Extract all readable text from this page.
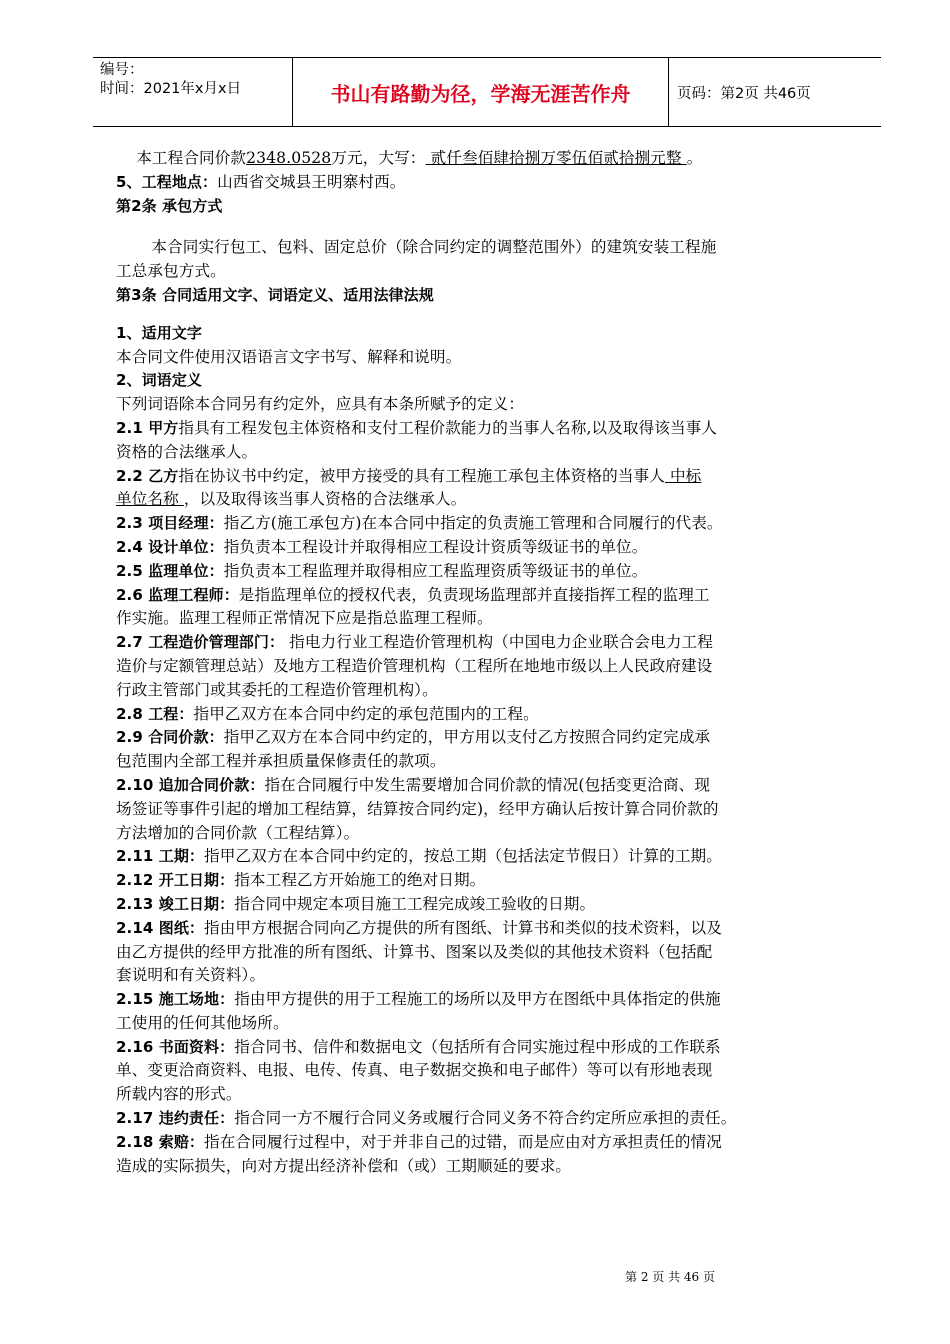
编号：
时间：2021年x月x日	书山有路勤为径，学海无涯苦作舟	页码：第2页 共46页

本工程合同价款2348.0528万元，大写： 贰仟叁佰肆拾捌万零伍佰贰拾捌元整 。

5、工程地点：山西省交城县王明寨村西。

第2条 承包方式

本合同实行包工、包料、固定总价（除合同约定的调整范围外）的建筑安装工程施

工总承包方式。

第3条 合同适用文字、词语定义、适用法律法规

1、适用文字

本合同文件使用汉语语言文字书写、解释和说明。

2、词语定义

下列词语除本合同另有约定外，应具有本条所赋予的定义：

2.1 甲方指具有工程发包主体资格和支付工程价款能力的当事人名称,以及取得该当事人

资格的合法继承人。

2.2 乙方指在协议书中约定，被甲方接受的具有工程施工承包主体资格的当事人 中标

单位名称 ，以及取得该当事人资格的合法继承人。

2.3 项目经理：指乙方(施工承包方)在本合同中指定的负责施工管理和合同履行的代表。

2.4 设计单位：指负责本工程设计并取得相应工程设计资质等级证书的单位。

2.5 监理单位：指负责本工程监理并取得相应工程监理资质等级证书的单位。

2.6 监理工程师：是指监理单位的授权代表，负责现场监理部并直接指挥工程的监理工

作实施。监理工程师正常情况下应是指总监理工程师。

2.7 工程造价管理部门： 指电力行业工程造价管理机构（中国电力企业联合会电力工程

造价与定额管理总站）及地方工程造价管理机构（工程所在地地市级以上人民政府建设

行政主管部门或其委托的工程造价管理机构）。

2.8 工程：指甲乙双方在本合同中约定的承包范围内的工程。

2.9 合同价款：指甲乙双方在本合同中约定的，甲方用以支付乙方按照合同约定完成承

包范围内全部工程并承担质量保修责任的款项。

2.10 追加合同价款：指在合同履行中发生需要增加合同价款的情况(包括变更洽商、现

场签证等事件引起的增加工程结算，结算按合同约定)，经甲方确认后按计算合同价款的

方法增加的合同价款（工程结算）。

2.11 工期：指甲乙双方在本合同中约定的，按总工期（包括法定节假日）计算的工期。

2.12 开工日期：指本工程乙方开始施工的绝对日期。

2.13 竣工日期：指合同中规定本项目施工工程完成竣工验收的日期。

2.14 图纸：指由甲方根据合同向乙方提供的所有图纸、计算书和类似的技术资料，以及

由乙方提供的经甲方批准的所有图纸、计算书、图案以及类似的其他技术资料（包括配

套说明和有关资料）。

2.15 施工场地：指由甲方提供的用于工程施工的场所以及甲方在图纸中具体指定的供施

工使用的任何其他场所。

2.16 书面资料：指合同书、信件和数据电文（包括所有合同实施过程中形成的工作联系

单、变更洽商资料、电报、电传、传真、电子数据交换和电子邮件）等可以有形地表现

所载内容的形式。

2.17 违约责任：指合同一方不履行合同义务或履行合同义务不符合约定所应承担的责任。

2.18 索赔：指在合同履行过程中，对于并非自己的过错，而是应由对方承担责任的情况

造成的实际损失，向对方提出经济补偿和（或）工期顺延的要求。

第 2 页 共 46 页
